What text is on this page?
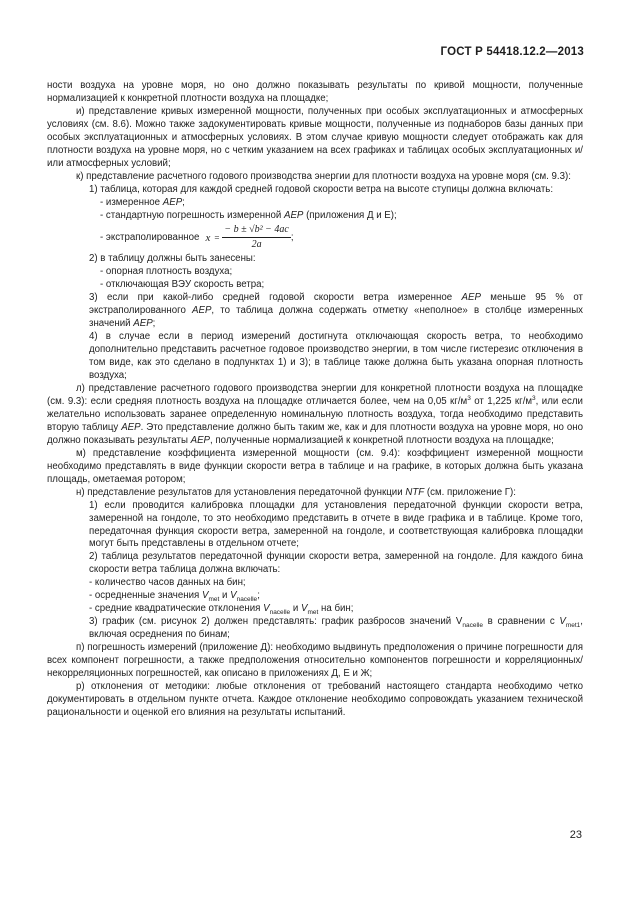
ГОСТ Р 54418.12.2—2013

ности воздуха на уровне моря, но оно должно показывать результаты по кривой мощности, полученные нормализацией к конкретной плотности воздуха на площадке;

и) представление кривых измеренной мощности, полученных при особых эксплуатационных и атмосферных условиях (см. 8.6). Можно также задокументировать кривые мощности, полученные из поднаборов базы данных при особых эксплуатационных и атмосферных условиях. В этом случае кривую мощности следует отображать как для плотности воздуха на уровне моря, но с четким указанием на всех графиках и таблицах особых эксплуатационных и/или атмосферных условий;

к) представление расчетного годового производства энергии для плотности воздуха на уровне моря (см. 9.3):

1) таблица, которая для каждой средней годовой скорости ветра на высоте ступицы должна включать:

- измеренное AEP;

- стандартную погрешность измеренной AEP (приложения Д и Е);

- экстраполированное $x = \frac{\text{− b ± √b² − 4ac}}{2a}$ ;

2) в таблицу должны быть занесены:

- опорная плотность воздуха;

- отключающая ВЭУ скорость ветра;

3) если при какой-либо средней годовой скорости ветра измеренное AEP меньше 95 % от экстраполированного AEP, то таблица должна содержать отметку «неполное» в столбце измеренных значений AEP;

4) в случае если в период измерений достигнута отключающая скорость ветра, то необходимо дополнительно представить расчетное годовое производство энергии, в том числе гистерезис отключения в том виде, как это сделано в подпунктах 1) и 3); в таблице также должна быть указана опорная плотность воздуха;

л) представление расчетного годового производства энергии для конкретной плотности воздуха на площадке (см. 9.3): если средняя плотность воздуха на площадке отличается более, чем на 0,05 $кг/м^3$ от 1,225 $кг/м^3$, или если желательно использовать заранее определенную номинальную плотность воздуха, тогда необходимо представить вторую таблицу AEP. Это представление должно быть таким же, как и для плотности воздуха на уровне моря, но оно должно показывать результаты AEP, полученные нормализацией к конкретной плотности воздуха на площадке;

м) представление коэффициента измеренной мощности (см. 9.4): коэффициент измеренной мощности необходимо представлять в виде функции скорости ветра в таблице и на графике, в которых должна быть указана площадь, ометаемая ротором;

н) представление результатов для установления передаточной функции NTF (см. приложение Г):

1) если проводится калибровка площадки для установления передаточной функции скорости ветра, замеренной на гондоле, то это необходимо представить в отчете в виде графика и в таблице. Кроме того, передаточная функция скорости ветра, замеренной на гондоле, и соответствующая калибровка площадки могут быть представлены в отдельном отчете;

2) таблица результатов передаточной функции скорости ветра, замеренной на гондоле. Для каждого бина скорости ветра таблица должна включать:

- количество часов данных на бин;

- осредненные значения $V_{met}$ и $V_{nacelle}$;

- средние квадратические отклонения $V_{nacelle}$ и $V_{met}$ на бин;

3) график (см. рисунок 2) должен представлять: график разбросов значений $V_{nacelle}$ в сравнении с $V_{met1}$, включая осреднения по бинам;

п) погрешность измерений (приложение Д): необходимо выдвинуть предположения о причине погрешности для всех компонент погрешности, а также предположения относительно компонентов погрешности и корреляционных/некорреляционных погрешностей, как описано в приложениях Д, Е и Ж;

р) отклонения от методики: любые отклонения от требований настоящего стандарта необходимо четко документировать в отдельном пункте отчета. Каждое отклонение необходимо сопровождать указанием технической рациональности и оценкой его влияния на результаты испытаний.

23
